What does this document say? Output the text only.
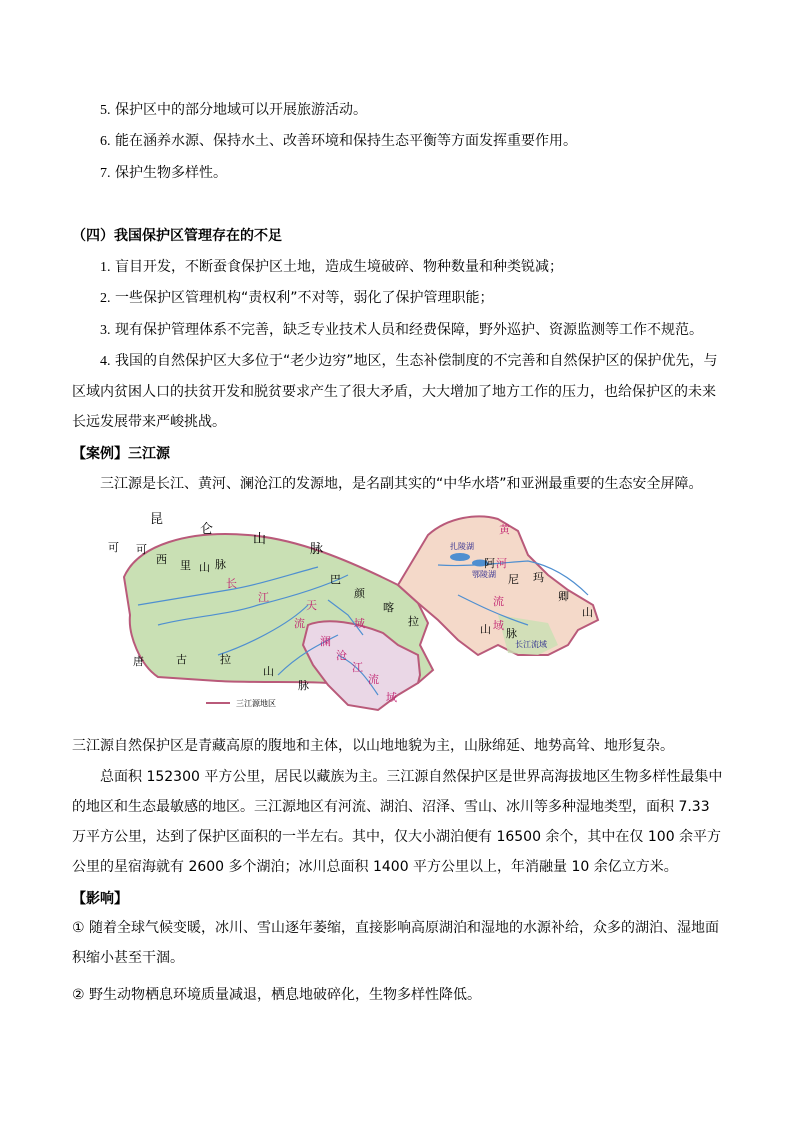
5. 保护区中的部分地域可以开展旅游活动。
6. 能在涵养水源、保持水土、改善环境和保持生态平衡等方面发挥重要作用。
7. 保护生物多样性。
（四）我国保护区管理存在的不足
1. 盲目开发，不断蚕食保护区土地，造成生境破碎、物种数量和种类锐减；
2. 一些保护区管理机构“责权利”不对等，弱化了保护管理职能；
3. 现有保护管理体系不完善，缺乏专业技术人员和经费保障，野外巡护、资源监测等工作不规范。
4. 我国的自然保护区大多位于“老少边穷”地区，生态补偿制度的不完善和自然保护区的保护优先，与区域内贫困人口的扶贫开发和脱贫要求产生了很大矛盾，大大增加了地方工作的压力，也给保护区的未来长远发展带来严峻挑战。
【案例】三江源
三江源是长江、黄河、澜沧江的发源地，是名副其实的“中华水塔”和亚洲最重要的生态安全屏障。
昆
仑
山
脉
可 可
西 里 山 脉
巴
颜
喀
拉
山 脉
唐	古	拉
山
脉
阿
尼 玛
卿
山
长
江
流	域
黄
河
流
域
澜
沧
江
流
域
天
扎陵湖
鄂陵湖
长江流域
三江源地区
三江源自然保护区是青藏高原的腹地和主体，以山地地貌为主，山脉绵延、地势高耸、地形复杂。
总面积 152300 平方公里，居民以藏族为主。三江源自然保护区是世界高海拔地区生物多样性最集中的地区和生态最敏感的地区。三江源地区有河流、湖泊、沼泽、雪山、冰川等多种湿地类型，面积 7.33 万平方公里，达到了保护区面积的一半左右。其中，仅大小湖泊便有 16500 余个，其中在仅 100 余平方公里的星宿海就有 2600 多个湖泊；冰川总面积 1400 平方公里以上，年消融量 10 余亿立方米。
【影响】
① 随着全球气候变暖，冰川、雪山逐年萎缩，直接影响高原湖泊和湿地的水源补给，众多的湖泊、湿地面积缩小甚至干涸。
② 野生动物栖息环境质量减退，栖息地破碎化，生物多样性降低。
